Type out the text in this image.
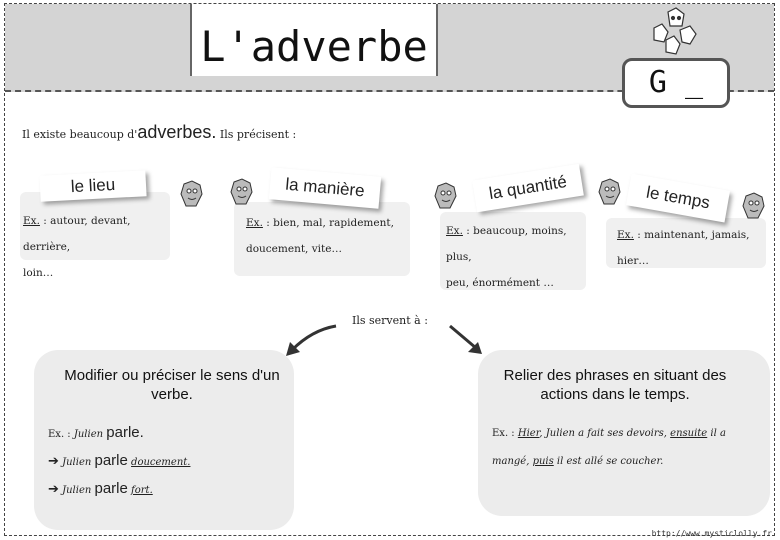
L'adverbe
G _
Il existe beaucoup d'adverbes. Ils précisent :
le lieu
Ex. : autour, devant, derrière,
loin…
la manière
Ex. : bien, mal, rapidement,
doucement, vite…
la quantité
Ex. : beaucoup, moins, plus,
peu, énormément …
le temps
Ex. : maintenant, jamais, hier…
Ils servent à :
Modifier ou préciser le sens d'un verbe.
Ex. : Julien parle.
➔ Julien parle doucement.
➔ Julien parle fort.
Relier des phrases en situant des actions dans le temps.
Ex. : Hier, Julien a fait ses devoirs, ensuite il a
mangé, puis il est allé se coucher.
http://www.mysticlolly.fr
